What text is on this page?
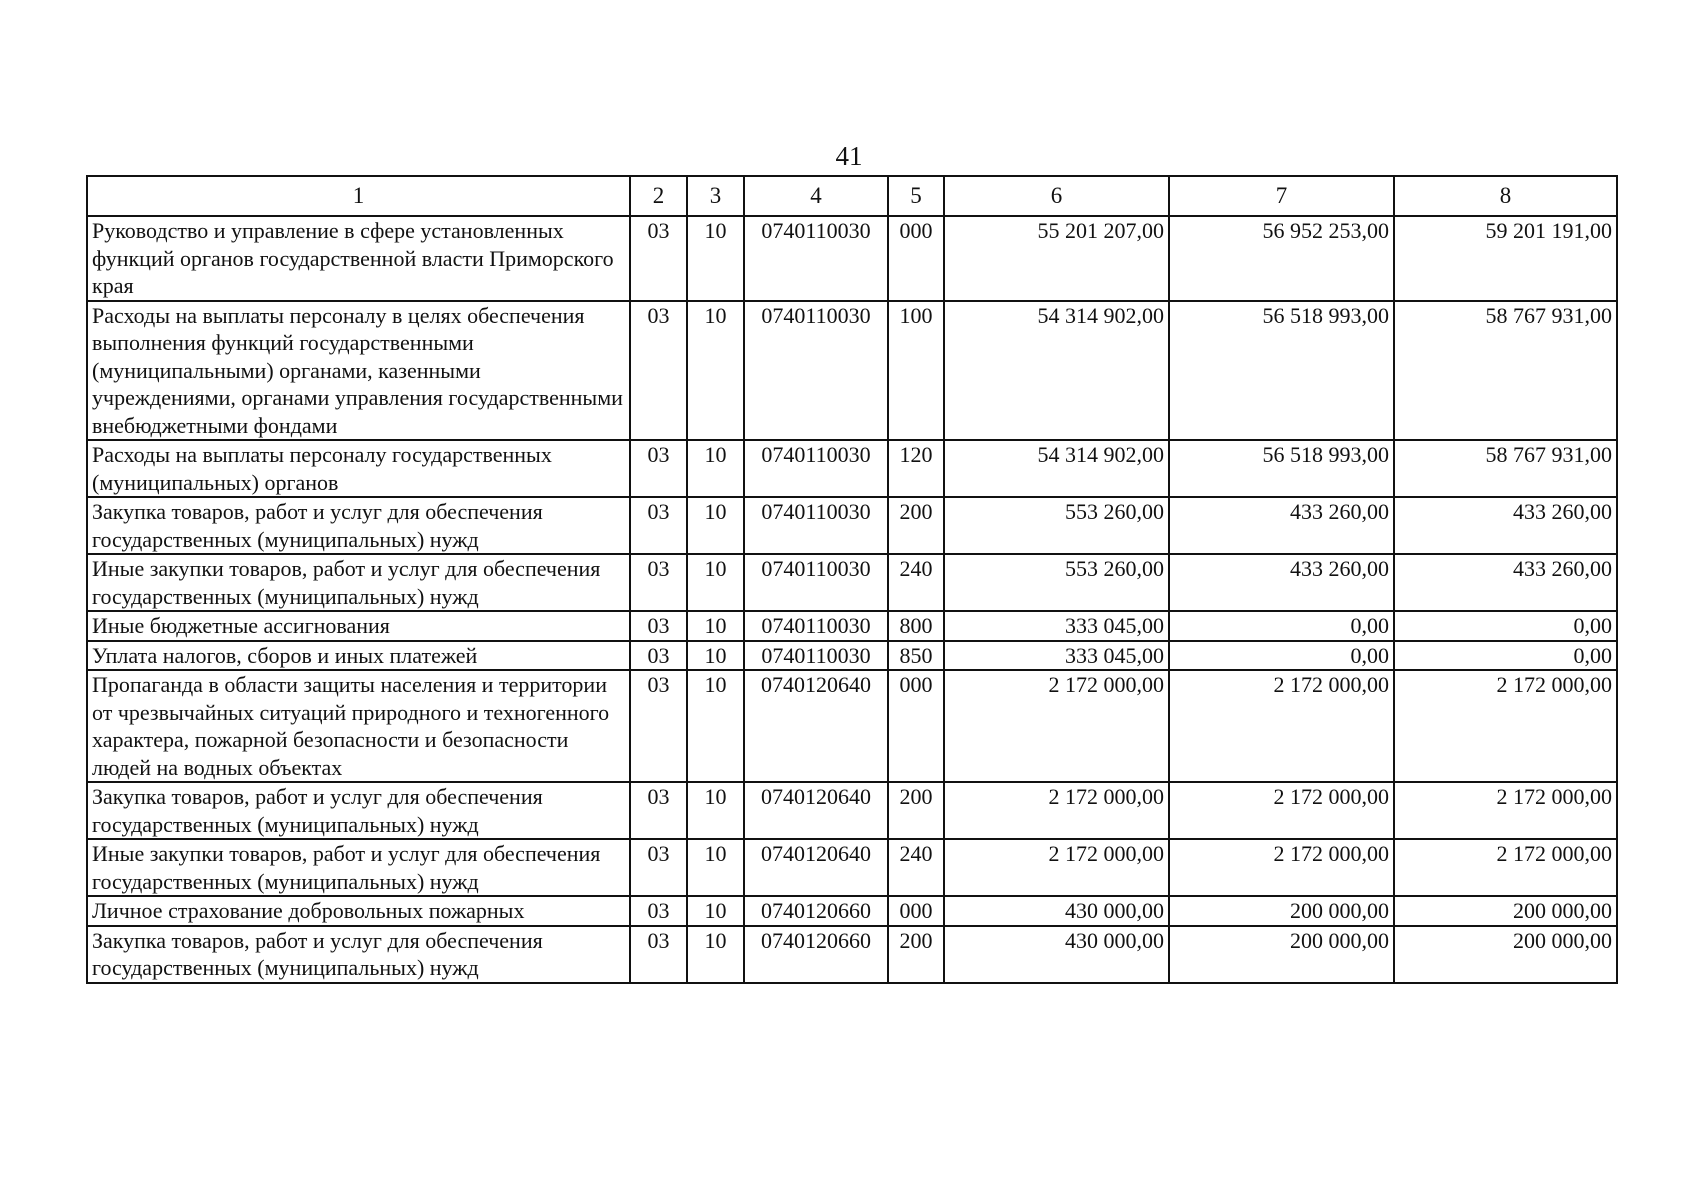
41
1	2	3	4	5	6	7	8
Руководство и управление в сфере установленных функций органов государственной власти Приморского края	03	10	0740110030	000	55 201 207,00	56 952 253,00	59 201 191,00
Расходы на выплаты персоналу в целях обеспечения выполнения функций государственными (муниципальными) органами, казенными учреждениями, органами управления государственными внебюджетными фондами	03	10	0740110030	100	54 314 902,00	56 518 993,00	58 767 931,00
Расходы на выплаты персоналу государственных (муниципальных) органов	03	10	0740110030	120	54 314 902,00	56 518 993,00	58 767 931,00
Закупка товаров, работ и услуг для обеспечения государственных (муниципальных) нужд	03	10	0740110030	200	553 260,00	433 260,00	433 260,00
Иные закупки товаров, работ и услуг для обеспечения государственных (муниципальных) нужд	03	10	0740110030	240	553 260,00	433 260,00	433 260,00
Иные бюджетные ассигнования	03	10	0740110030	800	333 045,00	0,00	0,00
Уплата налогов, сборов и иных платежей	03	10	0740110030	850	333 045,00	0,00	0,00
Пропаганда в области защиты населения и территории от чрезвычайных ситуаций природного и техногенного характера, пожарной безопасности и безопасности людей на водных объектах	03	10	0740120640	000	2 172 000,00	2 172 000,00	2 172 000,00
Закупка товаров, работ и услуг для обеспечения государственных (муниципальных) нужд	03	10	0740120640	200	2 172 000,00	2 172 000,00	2 172 000,00
Иные закупки товаров, работ и услуг для обеспечения государственных (муниципальных) нужд	03	10	0740120640	240	2 172 000,00	2 172 000,00	2 172 000,00
Личное страхование добровольных пожарных	03	10	0740120660	000	430 000,00	200 000,00	200 000,00
Закупка товаров, работ и услуг для обеспечения государственных (муниципальных) нужд	03	10	0740120660	200	430 000,00	200 000,00	200 000,00
